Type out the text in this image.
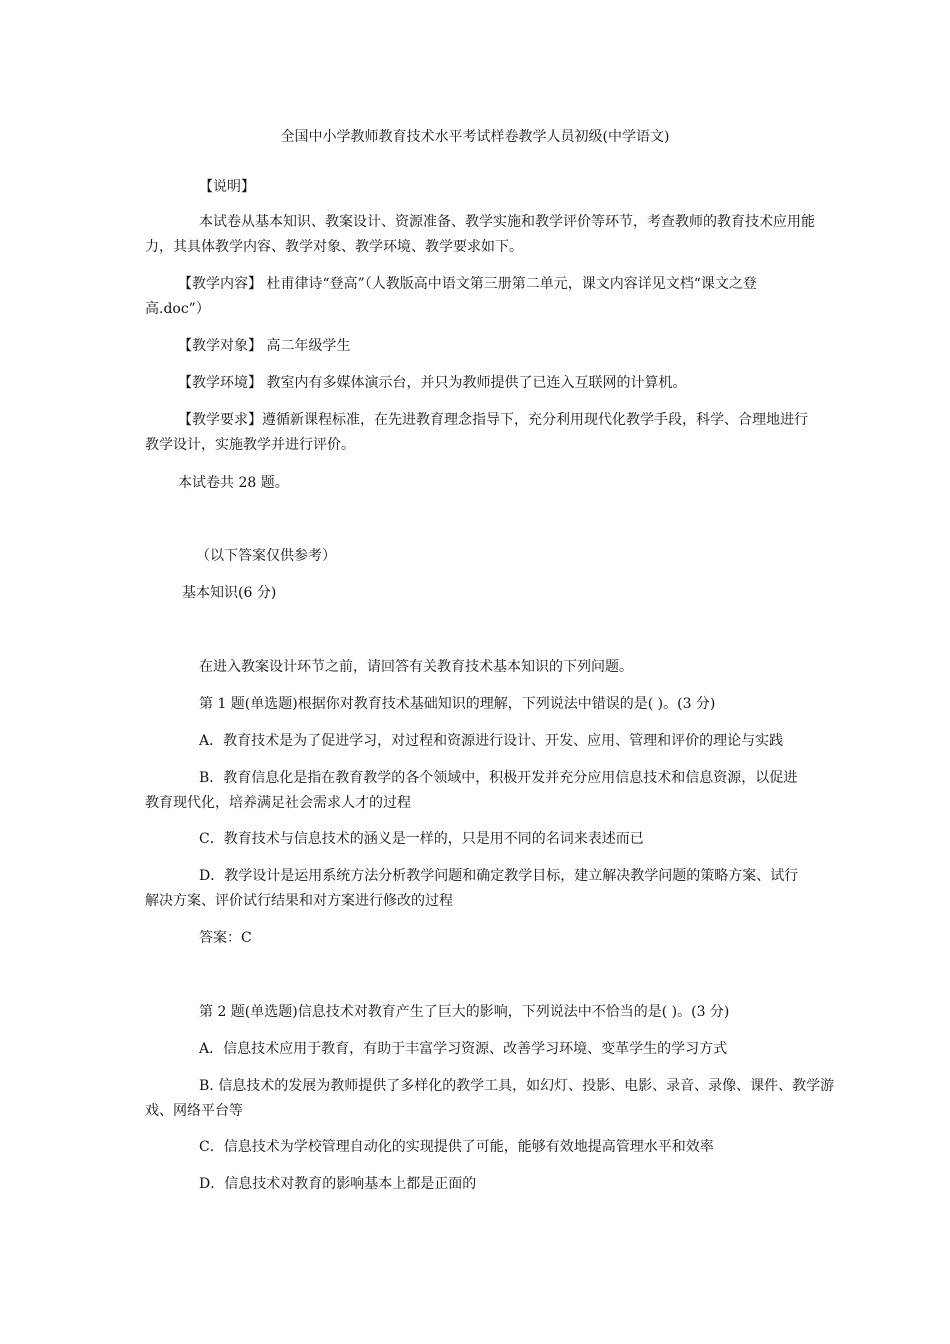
全国中小学教师教育技术水平考试样卷教学人员初级(中学语文)
【说明】
本试卷从基本知识、教案设计、资源准备、教学实施和教学评价等环节，考查教师的教育技术应用能
力，其具体教学内容、教学对象、教学环境、教学要求如下。
【教学内容】 杜甫律诗“登高”（人教版高中语文第三册第二单元，课文内容详见文档“课文之登
高.doc”）
【教学对象】 高二年级学生
【教学环境】 教室内有多媒体演示台，并只为教师提供了已连入互联网的计算机。
【教学要求】遵循新课程标准，在先进教育理念指导下，充分利用现代化教学手段，科学、合理地进行
教学设计，实施教学并进行评价。
本试卷共 28 题。
（以下答案仅供参考）
基本知识(6 分)
在进入教案设计环节之前，请回答有关教育技术基本知识的下列问题。
第 1 题(单选题)根据你对教育技术基础知识的理解，下列说法中错误的是( )。(3 分)
A．教育技术是为了促进学习，对过程和资源进行设计、开发、应用、管理和评价的理论与实践
B．教育信息化是指在教育教学的各个领域中，积极开发并充分应用信息技术和信息资源，以促进
教育现代化，培养满足社会需求人才的过程
C．教育技术与信息技术的涵义是一样的，只是用不同的名词来表述而已
D．教学设计是运用系统方法分析教学问题和确定教学目标，建立解决教学问题的策略方案、试行
解决方案、评价试行结果和对方案进行修改的过程
答案：C
第 2 题(单选题)信息技术对教育产生了巨大的影响，下列说法中不恰当的是( )。(3 分)
A．信息技术应用于教育，有助于丰富学习资源、改善学习环境、变革学生的学习方式
B. 信息技术的发展为教师提供了多样化的教学工具，如幻灯、投影、电影、录音、录像、课件、教学游
戏、网络平台等
C．信息技术为学校管理自动化的实现提供了可能，能够有效地提高管理水平和效率
D．信息技术对教育的影响基本上都是正面的
